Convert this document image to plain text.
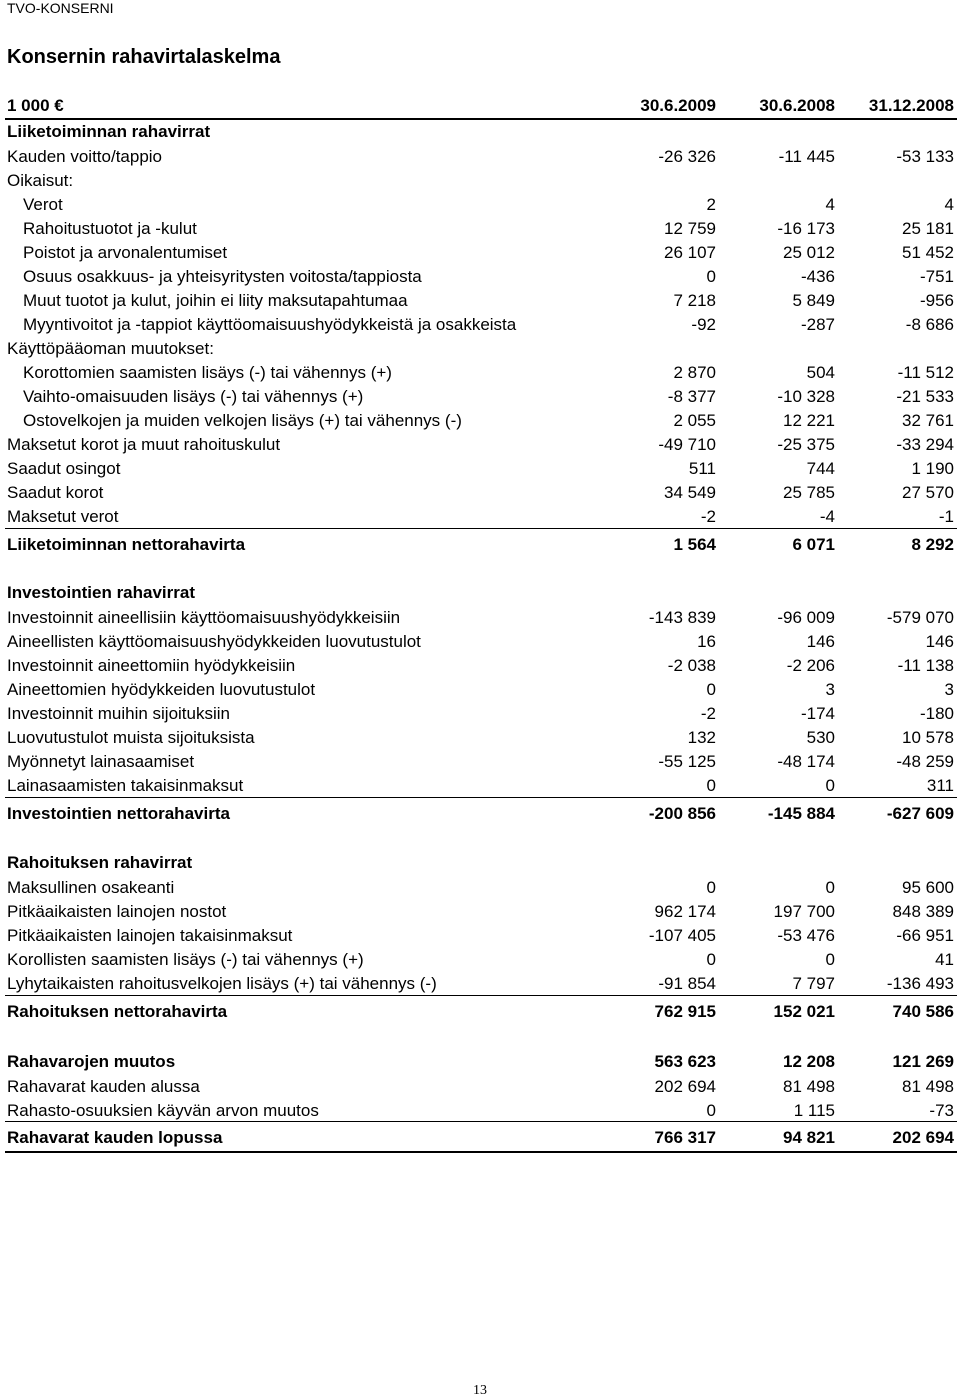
TVO-KONSERNI
Konsernin rahavirtalaskelma
1 000 €	30.6.2009	30.6.2008	31.12.2008
Liiketoiminnan rahavirrat
Kauden voitto/tappio	-26 326	-11 445	-53 133
Oikaisut:
Verot	2	4	4
Rahoitustuotot ja -kulut	12 759	-16 173	25 181
Poistot ja arvonalentumiset	26 107	25 012	51 452
Osuus osakkuus- ja yhteisyritysten voitosta/tappiosta	0	-436	-751
Muut tuotot ja kulut, joihin ei liity maksutapahtumaa	7 218	5 849	-956
Myyntivoitot ja -tappiot käyttöomaisuushyödykkeistä ja osakkeista	-92	-287	-8 686
Käyttöpääoman muutokset:
Korottomien saamisten lisäys (-) tai vähennys (+)	2 870	504	-11 512
Vaihto-omaisuuden lisäys (-) tai vähennys (+)	-8 377	-10 328	-21 533
Ostovelkojen ja muiden velkojen lisäys (+) tai vähennys (-)	2 055	12 221	32 761
Maksetut korot ja muut rahoituskulut	-49 710	-25 375	-33 294
Saadut osingot	511	744	1 190
Saadut korot	34 549	25 785	27 570
Maksetut verot	-2	-4	-1
Liiketoiminnan nettorahavirta	1 564	6 071	8 292
Investointien rahavirrat
Investoinnit aineellisiin käyttöomaisuushyödykkeisiin	-143 839	-96 009	-579 070
Aineellisten käyttöomaisuushyödykkeiden luovutustulot	16	146	146
Investoinnit aineettomiin hyödykkeisiin	-2 038	-2 206	-11 138
Aineettomien hyödykkeiden luovutustulot	0	3	3
Investoinnit muihin sijoituksiin	-2	-174	-180
Luovutustulot muista sijoituksista	132	530	10 578
Myönnetyt lainasaamiset	-55 125	-48 174	-48 259
Lainasaamisten takaisinmaksut	0	0	311
Investointien nettorahavirta	-200 856	-145 884	-627 609
Rahoituksen rahavirrat
Maksullinen osakeanti	0	0	95 600
Pitkäaikaisten lainojen nostot	962 174	197 700	848 389
Pitkäaikaisten lainojen takaisinmaksut	-107 405	-53 476	-66 951
Korollisten saamisten lisäys (-) tai vähennys (+)	0	0	41
Lyhytaikaisten rahoitusvelkojen lisäys (+) tai vähennys (-)	-91 854	7 797	-136 493
Rahoituksen nettorahavirta	762 915	152 021	740 586
Rahavarojen muutos	563 623	12 208	121 269
Rahavarat kauden alussa	202 694	81 498	81 498
Rahasto-osuuksien käyvän arvon muutos	0	1 115	-73
Rahavarat kauden lopussa	766 317	94 821	202 694
13
